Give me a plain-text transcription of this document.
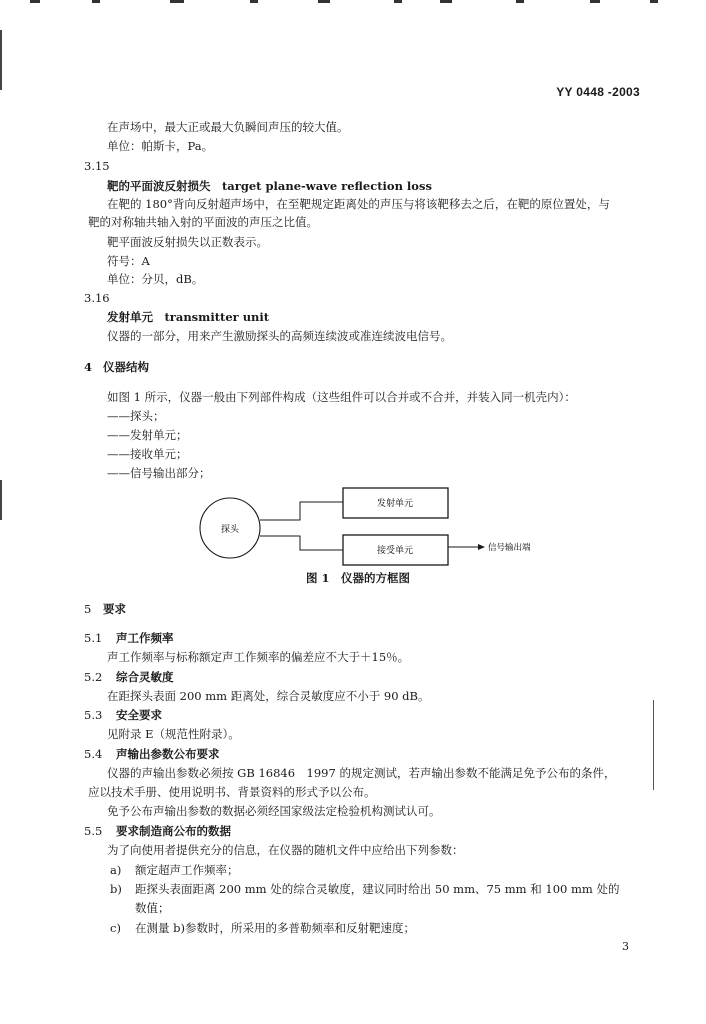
YY 0448 -2003
在声场中，最大正或最大负瞬间声压的较大值。
单位：帕斯卡，Pa。
3.15
靶的平面波反射损失　target plane-wave reflection loss
在靶的 180°背向反射超声场中，在至靶规定距离处的声压与将该靶移去之后，在靶的原位置处，与
靶的对称轴共轴入射的平面波的声压之比值。
靶平面波反射损失以正数表示。
符号：A
单位：分贝，dB。
3.16
发射单元　transmitter unit
仪器的一部分，用来产生激励探头的高频连续波或准连续波电信号。
4 仪器结构
如图 1 所示，仪器一般由下列部件构成（这些组件可以合并或不合并，并装入同一机壳内）：
——探头；
——发射单元；
——接收单元；
——信号输出部分；
探头
发射单元
接受单元	信号输出端
图 1　仪器的方框图
5 要求
5.1 声工作频率
声工作频率与标称额定声工作频率的偏差应不大于＋15％。
5.2 综合灵敏度
在距探头表面 200 mm 距离处，综合灵敏度应不小于 90 dB。
5.3 安全要求
见附录 E（规范性附录）。
5.4 声输出参数公布要求
仪器的声输出参数必须按 GB 16846　1997 的规定测试，若声输出参数不能满足免予公布的条件，
应以技术手册、使用说明书、背景资料的形式予以公布。
免予公布声输出参数的数据必须经国家级法定检验机构测试认可。
5.5 要求制造商公布的数据
为了向使用者提供充分的信息，在仪器的随机文件中应给出下列参数：
a) 额定超声工作频率；
b) 距探头表面距离 200 mm 处的综合灵敏度，建议同时给出 50 mm、75 mm 和 100 mm 处的
数值；
c) 在测量 b)参数时，所采用的多普勒频率和反射靶速度；
3
